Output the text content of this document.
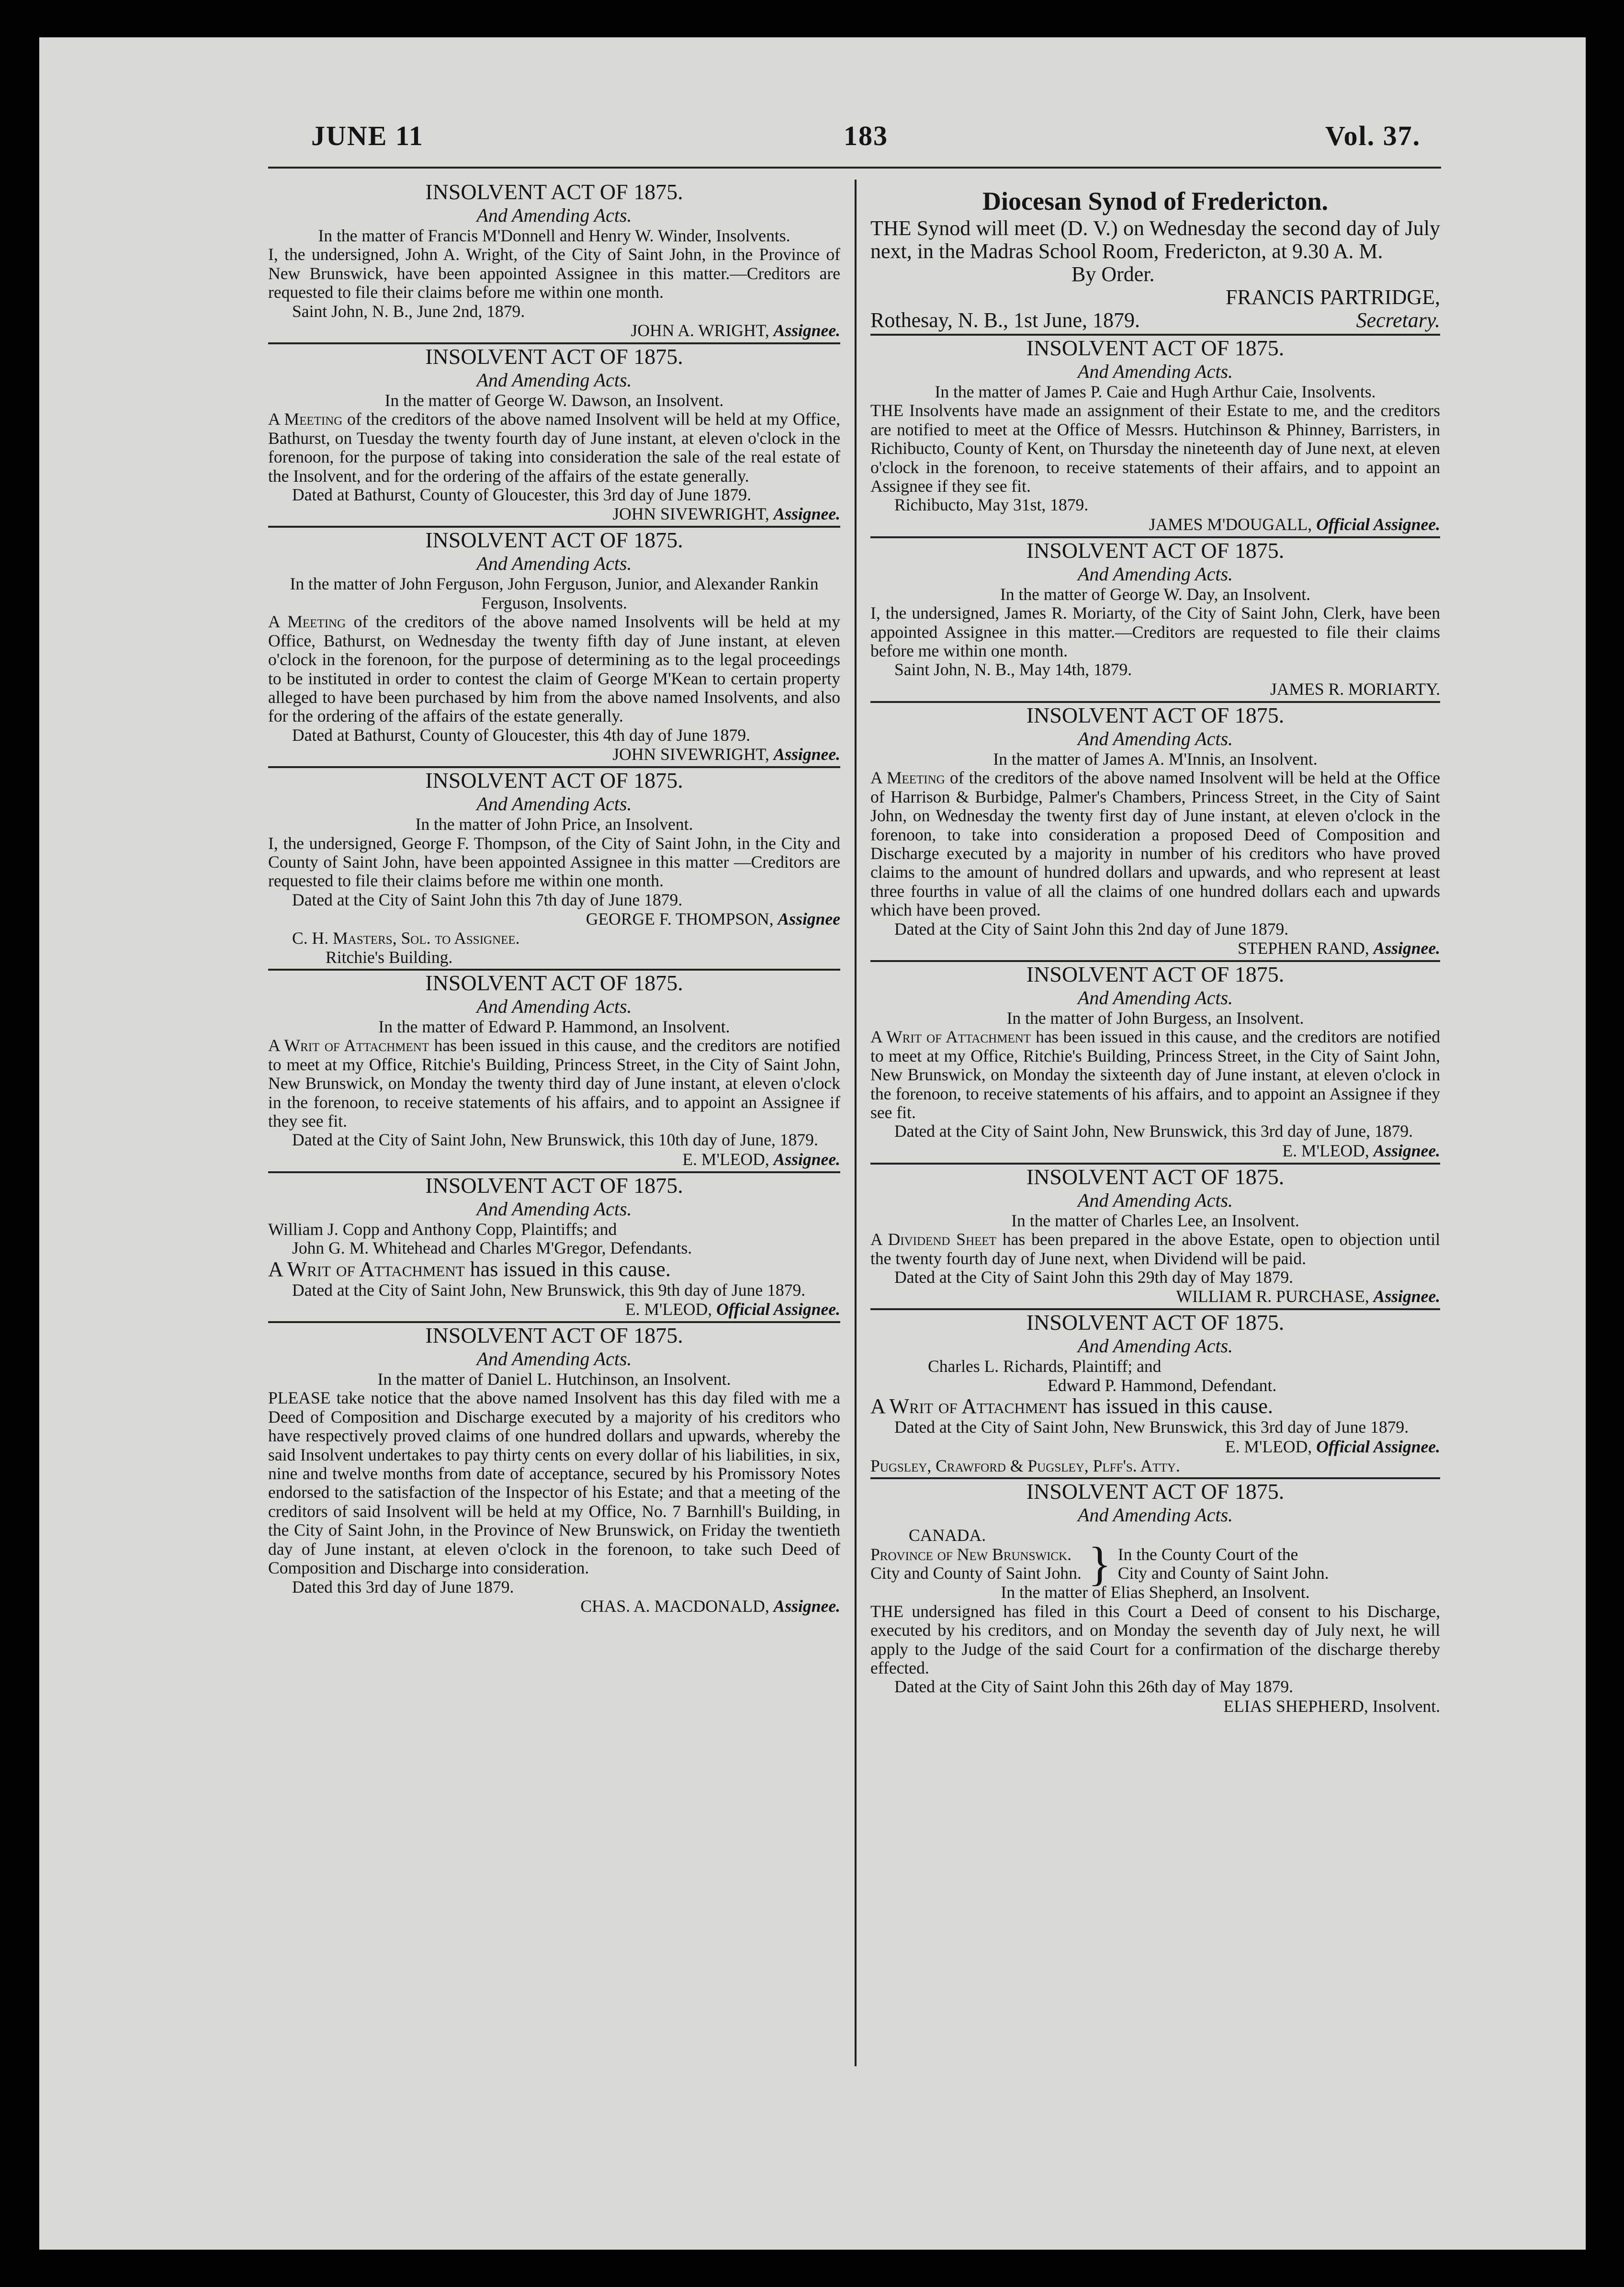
JUNE 11	183	Vol. 37.
INSOLVENT ACT OF 1875.
And Amending Acts.

In the matter of Francis M'Donnell and Henry W. Winder, Insolvents.

I, the undersigned, John A. Wright, of the City of Saint John, in the Province of New Brunswick, have been appointed Assignee in this matter.—Creditors are requested to file their claims before me within one month.

Saint John, N. B., June 2nd, 1879.

JOHN A. WRIGHT, Assignee.
INSOLVENT ACT OF 1875.
And Amending Acts.

In the matter of George W. Dawson, an Insolvent.

A Meeting of the creditors of the above named Insolvent will be held at my Office, Bathurst, on Tuesday the twenty fourth day of June instant, at eleven o'clock in the forenoon, for the purpose of taking into consideration the sale of the real estate of the Insolvent, and for the ordering of the affairs of the estate generally.

Dated at Bathurst, County of Gloucester, this 3rd day of June 1879.

JOHN SIVEWRIGHT, Assignee.
INSOLVENT ACT OF 1875.
And Amending Acts.

In the matter of John Ferguson, John Ferguson, Junior, and Alexander Rankin Ferguson, Insolvents.

A Meeting of the creditors of the above named Insolvents will be held at my Office, Bathurst, on Wednesday the twenty fifth day of June instant, at eleven o'clock in the forenoon, for the purpose of determining as to the legal proceedings to be instituted in order to contest the claim of George M'Kean to certain property alleged to have been purchased by him from the above named Insolvents, and also for the ordering of the affairs of the estate generally.

Dated at Bathurst, County of Gloucester, this 4th day of June 1879.

JOHN SIVEWRIGHT, Assignee.
INSOLVENT ACT OF 1875.
And Amending Acts.

In the matter of John Price, an Insolvent.

I, the undersigned, George F. Thompson, of the City of Saint John, in the City and County of Saint John, have been appointed Assignee in this matter —Creditors are requested to file their claims before me within one month.

Dated at the City of Saint John this 7th day of June 1879.

GEORGE F. THOMPSON, Assignee

C. H. Masters, Sol. to Assignee.

Ritchie's Building.

INSOLVENT ACT OF 1875.
And Amending Acts.

In the matter of Edward P. Hammond, an Insolvent.

A Writ of Attachment has been issued in this cause, and the creditors are notified to meet at my Office, Ritchie's Building, Princess Street, in the City of Saint John, New Brunswick, on Monday the twenty third day of June instant, at eleven o'clock in the forenoon, to receive statements of his affairs, and to appoint an Assignee if they see fit.

Dated at the City of Saint John, New Brunswick, this 10th day of June, 1879.

E. M'LEOD, Assignee.
INSOLVENT ACT OF 1875.
And Amending Acts.

William J. Copp and Anthony Copp, Plaintiffs; and

John G. M. Whitehead and Charles M'Gregor, Defendants.

A Writ of Attachment has issued in this cause.

Dated at the City of Saint John, New Brunswick, this 9th day of June 1879.

E. M'LEOD, Official Assignee.
INSOLVENT ACT OF 1875.
And Amending Acts.

In the matter of Daniel L. Hutchinson, an Insolvent.

PLEASE take notice that the above named Insolvent has this day filed with me a Deed of Composition and Discharge executed by a majority of his creditors who have respectively proved claims of one hundred dollars and upwards, whereby the said Insolvent undertakes to pay thirty cents on every dollar of his liabilities, in six, nine and twelve months from date of acceptance, secured by his Promissory Notes endorsed to the satisfaction of the Inspector of his Estate; and that a meeting of the creditors of said Insolvent will be held at my Office, No. 7 Barnhill's Building, in the City of Saint John, in the Province of New Brunswick, on Friday the twentieth day of June instant, at eleven o'clock in the forenoon, to take such Deed of Composition and Discharge into consideration.

Dated this 3rd day of June 1879.

CHAS. A. MACDONALD, Assignee.
Diocesan Synod of Fredericton.

THE Synod will meet (D. V.) on Wednesday the second day of July next, in the Madras School Room, Fredericton, at 9.30 A. M.

By Order.

FRANCIS PARTRIDGE,

Rothesay, N. B., 1st June, 1879.	Secretary.
INSOLVENT ACT OF 1875.
And Amending Acts.

In the matter of James P. Caie and Hugh Arthur Caie, Insolvents.

THE Insolvents have made an assignment of their Estate to me, and the creditors are notified to meet at the Office of Messrs. Hutchinson & Phinney, Barristers, in Richibucto, County of Kent, on Thursday the nineteenth day of June next, at eleven o'clock in the forenoon, to receive statements of their affairs, and to appoint an Assignee if they see fit.

Richibucto, May 31st, 1879.

JAMES M'DOUGALL, Official Assignee.
INSOLVENT ACT OF 1875.
And Amending Acts.

In the matter of George W. Day, an Insolvent.

I, the undersigned, James R. Moriarty, of the City of Saint John, Clerk, have been appointed Assignee in this matter.—Creditors are requested to file their claims before me within one month.

Saint John, N. B., May 14th, 1879.

JAMES R. MORIARTY.
INSOLVENT ACT OF 1875.
And Amending Acts.

In the matter of James A. M'Innis, an Insolvent.

A Meeting of the creditors of the above named Insolvent will be held at the Office of Harrison & Burbidge, Palmer's Chambers, Princess Street, in the City of Saint John, on Wednesday the twenty first day of June instant, at eleven o'clock in the forenoon, to take into consideration a proposed Deed of Composition and Discharge executed by a majority in number of his creditors who have proved claims to the amount of hundred dollars and upwards, and who represent at least three fourths in value of all the claims of one hundred dollars each and upwards which have been proved.

Dated at the City of Saint John this 2nd day of June 1879.

STEPHEN RAND, Assignee.
INSOLVENT ACT OF 1875.
And Amending Acts.

In the matter of John Burgess, an Insolvent.

A Writ of Attachment has been issued in this cause, and the creditors are notified to meet at my Office, Ritchie's Building, Princess Street, in the City of Saint John, New Brunswick, on Monday the sixteenth day of June instant, at eleven o'clock in the forenoon, to receive statements of his affairs, and to appoint an Assignee if they see fit.

Dated at the City of Saint John, New Brunswick, this 3rd day of June, 1879.

E. M'LEOD, Assignee.
INSOLVENT ACT OF 1875.
And Amending Acts.

In the matter of Charles Lee, an Insolvent.

A Dividend Sheet has been prepared in the above Estate, open to objection until the twenty fourth day of June next, when Dividend will be paid.

Dated at the City of Saint John this 29th day of May 1879.

WILLIAM R. PURCHASE, Assignee.
INSOLVENT ACT OF 1875.
And Amending Acts.

Charles L. Richards, Plaintiff; and

Edward P. Hammond, Defendant.

A Writ of Attachment has issued in this cause.

Dated at the City of Saint John, New Brunswick, this 3rd day of June 1879.

E. M'LEOD, Official Assignee.

Pugsley, Crawford & Pugsley, Plff's. Atty.

INSOLVENT ACT OF 1875.
And Amending Acts.

CANADA.

Province of New Brunswick.
City and County of Saint John. } In the County Court of the
City and County of Saint John.

In the matter of Elias Shepherd, an Insolvent.

THE undersigned has filed in this Court a Deed of consent to his Discharge, executed by his creditors, and on Monday the seventh day of July next, he will apply to the Judge of the said Court for a confirmation of the discharge thereby effected.

Dated at the City of Saint John this 26th day of May 1879.

ELIAS SHEPHERD, Insolvent.
